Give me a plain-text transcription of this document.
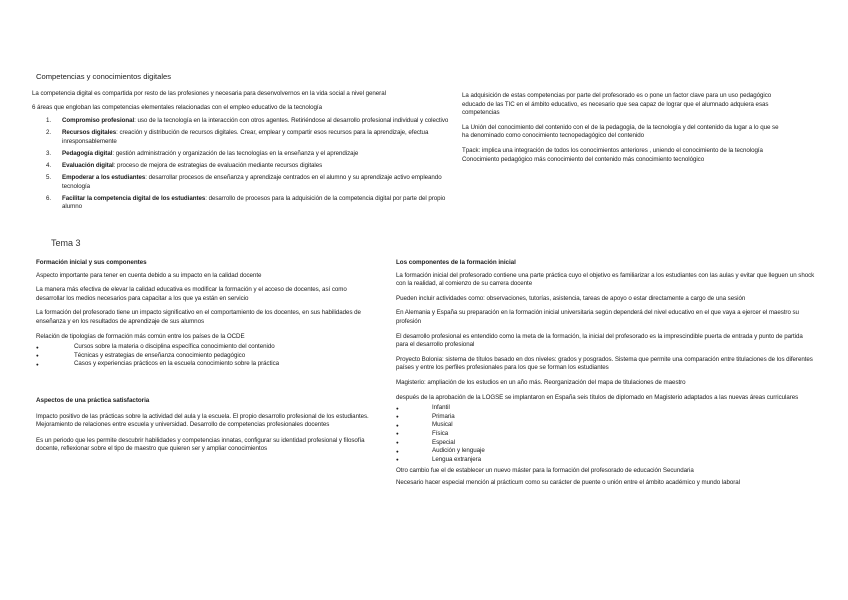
Competencias y conocimientos digitales

La competencia digital es compartida por resto de las profesiones y necesaria para desenvolvernos en la vida social a nivel general

6 áreas que engloban las competencias elementales relacionadas con el empleo educativo de la tecnología

1. Compromiso profesional: uso de la tecnología en la interacción con otros agentes. Retiriéndose al desarrollo profesional individual y colectivo
2. Recursos digitales: creación y distribución de recursos digitales. Crear, emplear y compartir esos recursos para la aprendizaje, efectua inresponsablemente
3. Pedagogía digital: gestión administración y organización de las tecnologías en la enseñanza y el aprendizaje
4. Evaluación digital: proceso de mejora de estrategias de evaluación mediante recursos digitales
5. Empoderar a los estudiantes: desarrollar procesos de enseñanza y aprendizaje centrados en el alumno y su aprendizaje activo empleando tecnología
6. Facilitar la competencia digital de los estudiantes: desarrollo de procesos para la adquisición de la competencia digital por parte del propio alumno

La adquisición de estas competencias por parte del profesorado es o pone un factor clave para un uso pedagógico educado de las TIC en el ámbito educativo, es necesario que sea capaz de lograr que el alumnado adquiera esas competencias

La Unión del conocimiento del contenido con el de la pedagogía, de la tecnología y del contenido da lugar a lo que se ha denominado como conocimiento tecnopedagógico del contenido

Tpack: implica una integración de todos los conocimientos anteriores , uniendo el conocimiento de la tecnología

Conocimiento pedagógico más conocimiento del contenido más conocimiento tecnológico

Tema 3

Formación inicial y sus componentes

Aspecto importante para tener en cuenta debido a su impacto en la calidad docente

La manera más efectiva de elevar la calidad educativa es modificar la formación y el acceso de docentes, así como desarrollar los medios necesarios para capacitar a los que ya están en servicio

La formación del profesorado tiene un impacto significativo en el comportamiento de los docentes, en sus habilidades de enseñanza y en los resultados de aprendizaje de sus alumnos

Relación de tipologías de formación más común entre los países de la OCDE

● Cursos sobre la materia o disciplina específica conocimiento del contenido
● Técnicas y estrategias de enseñanza conocimiento pedagógico
● Casos y experiencias prácticos en la escuela conocimiento sobre la práctica

Aspectos de una práctica satisfactoria

Impacto positivo de las prácticas sobre la actividad del aula y la escuela. El propio desarrollo profesional de los estudiantes. Mejoramiento de relaciones entre escuela y universidad. Desarrollo de competencias profesionales docentes

Es un periodo que les permite descubrir habilidades y competencias innatas, configurar su identidad profesional y filosofía docente, reflexionar sobre el tipo de maestro que quieren ser y ampliar conocimientos

Los componentes de la formación inicial

La formación inicial del profesorado contiene una parte práctica cuyo el objetivo es familiarizar a los estudiantes con las aulas y evitar que lleguen un shock con la realidad, al comienzo de su carrera docente

Pueden incluir actividades como: observaciones, tutorías, asistencia, tareas de apoyo o estar directamente a cargo de una sesión

En Alemania y España su preparación en la formación inicial universitaria según dependerá del nivel educativo en el que vaya a ejercer el maestro su profesión

El desarrollo profesional es entendido como la meta de la formación, la inicial del profesorado es la imprescindible puerta de entrada y punto de partida para el desarrollo profesional

Proyecto Bolonia: sistema de títulos basado en dos niveles: grados y posgrados. Sistema que permite una comparación entre titulaciones de los diferentes países y entre los perfiles profesionales para los que se forman los estudiantes

Magisterio: ampliación de los estudios en un año más. Reorganización del mapa de titulaciones de maestro

después de la aprobación de la LOGSE se implantaron en España seis títulos de diplomado en Magisterio adaptados a las nuevas áreas curriculares

● Infantil
● Primaria
● Musical
● Física
● Especial
● Audición y lenguaje
● Lengua extranjera

Otro cambio fue el de establecer un nuevo máster para la formación del profesorado de educación Secundaria

Necesario hacer especial mención al prácticum como su carácter de puente o unión entre el ámbito académico y mundo laboral
